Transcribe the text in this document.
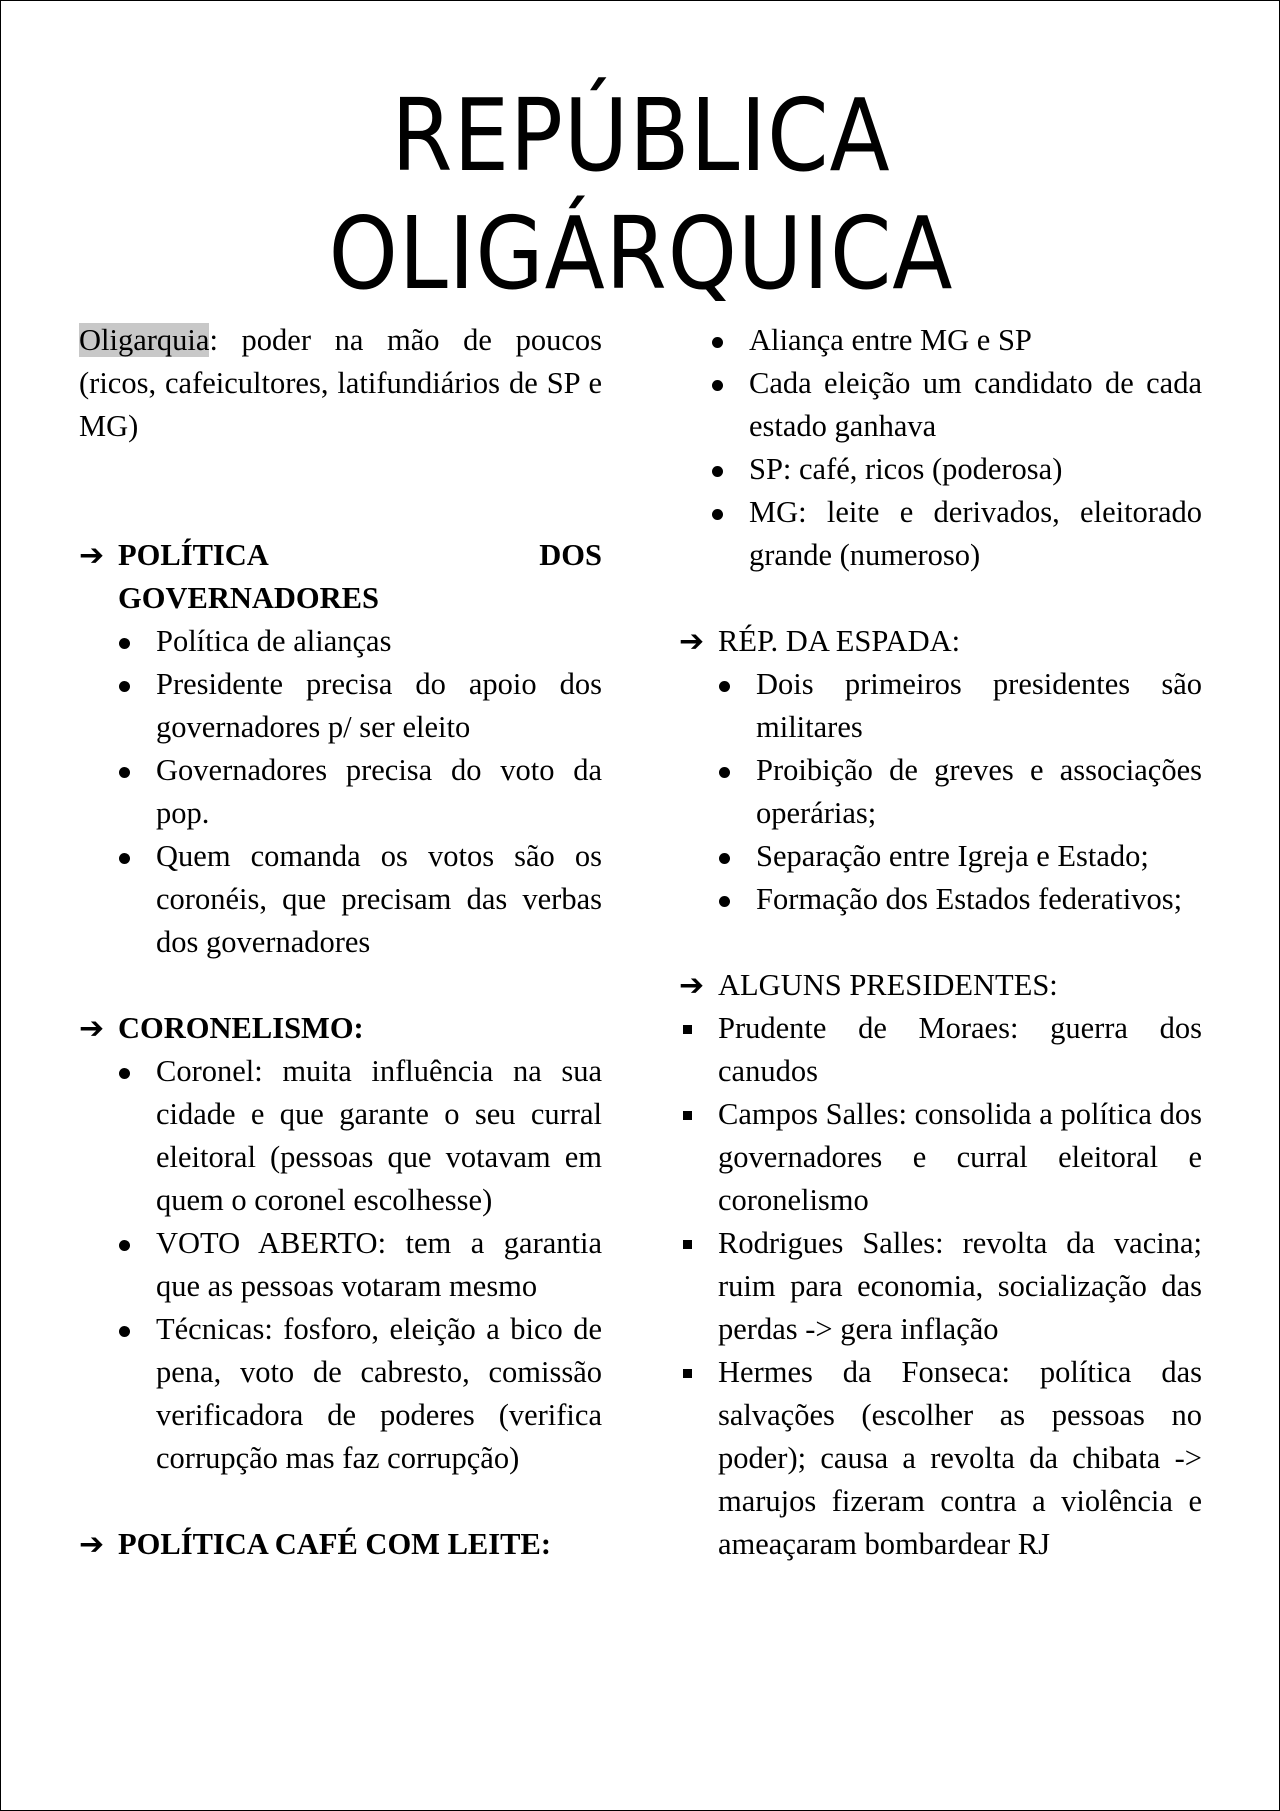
REPÚBLICA
OLIGÁRQUICA

Oligarquia: poder na mão de poucos (ricos, cafeicultores, latifundiários de SP e MG)

➔ POLÍTICA DOS GOVERNADORES
Política de alianças
Presidente precisa do apoio dos governadores p/ ser eleito
Governadores precisa do voto da pop.
Quem comanda os votos são os coronéis, que precisam das verbas dos governadores
➔ CORONELISMO:
Coronel: muita influência na sua cidade e que garante o seu curral eleitoral (pessoas que votavam em quem o coronel escolhesse)
VOTO ABERTO: tem a garantia que as pessoas votaram mesmo
Técnicas: fosforo, eleição a bico de pena, voto de cabresto, comissão verificadora de poderes (verifica corrupção mas faz corrupção)
➔ POLÍTICA CAFÉ COM LEITE:
Aliança entre MG e SP
Cada eleição um candidato de cada estado ganhava
SP: café, ricos (poderosa)
MG: leite e derivados, eleitorado grande (numeroso)
➔ RÉP. DA ESPADA:
Dois primeiros presidentes são militares
Proibição de greves e associações operárias;
Separação entre Igreja e Estado;
Formação dos Estados federativos;
➔ ALGUNS PRESIDENTES:
Prudente de Moraes: guerra dos canudos
Campos Salles: consolida a política dos governadores e curral eleitoral e coronelismo
Rodrigues Salles: revolta da vacina; ruim para economia, socialização das perdas -> gera inflação
Hermes da Fonseca: política das salvações (escolher as pessoas no poder); causa a revolta da chibata -> marujos fizeram contra a violência e ameaçaram bombardear RJ
